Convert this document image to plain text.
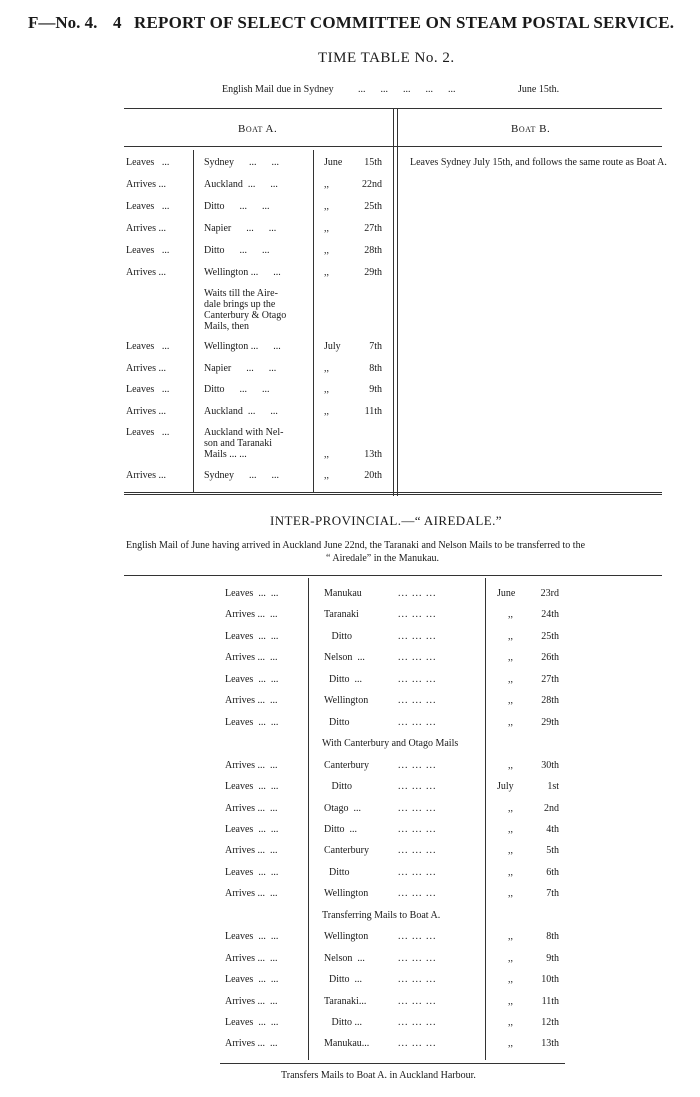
F—No. 4. 4 REPORT OF SELECT COMMITTEE ON STEAM POSTAL SERVICE.
TIME TABLE No. 2.
English Mail due in Sydney ...      ...      ...      ...      ...	June 15th.
Boat A.	Boat B.
Leaves   ...	Sydney      ...      ...	June	15th
Arrives ...	Auckland  ...      ...	,,	22nd
Leaves   ...	Ditto      ...      ...	,,	25th
Arrives ...	Napier      ...      ...	,,	27th
Leaves   ...	Ditto      ...      ...	,,	28th
Arrives ...	Wellington ...      ...	,,	29th
Waits till the Aire-
dale brings up the
Canterbury & Otago
Mails, then
Leaves   ...	Wellington ...      ...	July	7th
Arrives ...	Napier      ...      ...	,,	8th
Leaves   ...	Ditto      ...      ...	,,	9th
Arrives ...	Auckland  ...      ...	,,	11th
Leaves   ...	Auckland with Nel-
son and Taranaki
Mails ... ...	,,	13th
Arrives ...	Sydney      ...      ...	,,	20th
Leaves Sydney July 15th, and follows the same route as Boat A.
INTER-PROVINCIAL.—“ AIREDALE.”
English Mail of June having arrived in Auckland June 22nd, the Taranaki and Nelson Mails to be transferred to the
“ Airedale” in the Manukau.
Leaves  ...  ...	Manukau	... ... ...	June	23rd
Arrives ...  ...	Taranaki	... ... ...	,,	24th
Leaves  ...  ...	Ditto	... ... ...	,,	25th
Arrives ...  ...	Nelson  ...	... ... ...	,,	26th
Leaves  ...  ...	Ditto  ...	... ... ...	,,	27th
Arrives ...  ...	Wellington	... ... ...	,,	28th
Leaves  ...  ...	Ditto	... ... ...	,,	29th
With Canterbury and Otago Mails
Arrives ...  ...	Canterbury	... ... ...	,,	30th
Leaves  ...  ...	Ditto	... ... ...	July	1st
Arrives ...  ...	Otago  ...	... ... ...	,,	2nd
Leaves  ...  ...	Ditto  ...	... ... ...	,,	4th
Arrives ...  ...	Canterbury	... ... ...	,,	5th
Leaves  ...  ...	Ditto	... ... ...	,,	6th
Arrives ...  ...	Wellington	... ... ...	,,	7th
Transferring Mails to Boat A.
Leaves  ...  ...	Wellington	... ... ...	,,	8th
Arrives ...  ...	Nelson  ...	... ... ...	,,	9th
Leaves  ...  ...	Ditto  ...	... ... ...	,,	10th
Arrives ...  ...	Taranaki...	... ... ...	,,	11th
Leaves  ...  ...	Ditto ...	... ... ...	,,	12th
Arrives ...  ...	Manukau...	... ... ...	,,	13th
Transfers Mails to Boat A. in Auckland Harbour.
